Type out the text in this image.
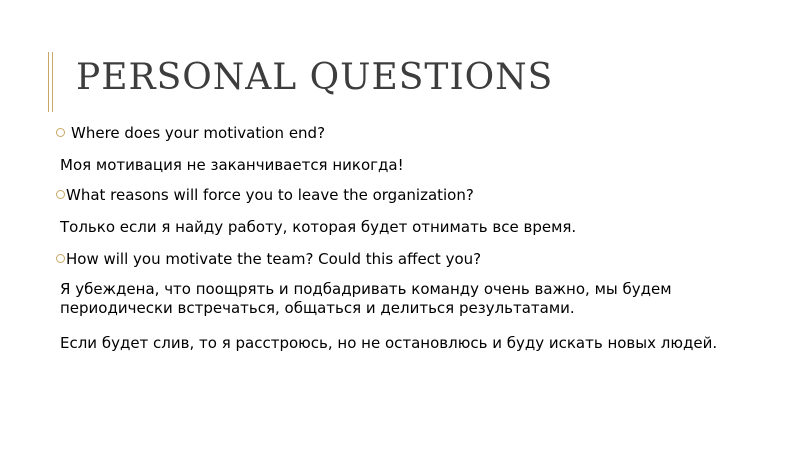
PERSONAL QUESTIONS
Where does your motivation end?
Моя мотивация не заканчивается никогда!
What reasons will force you to leave the organization?
Только если я найду работу, которая будет отнимать все время.
How will you motivate the team? Could this affect you?
Я убеждена, что поощрять и подбадривать команду очень важно, мы будем периодически встречаться, общаться и делиться результатами.
Если будет слив, то я расстроюсь, но не остановлюсь и буду искать новых людей.
